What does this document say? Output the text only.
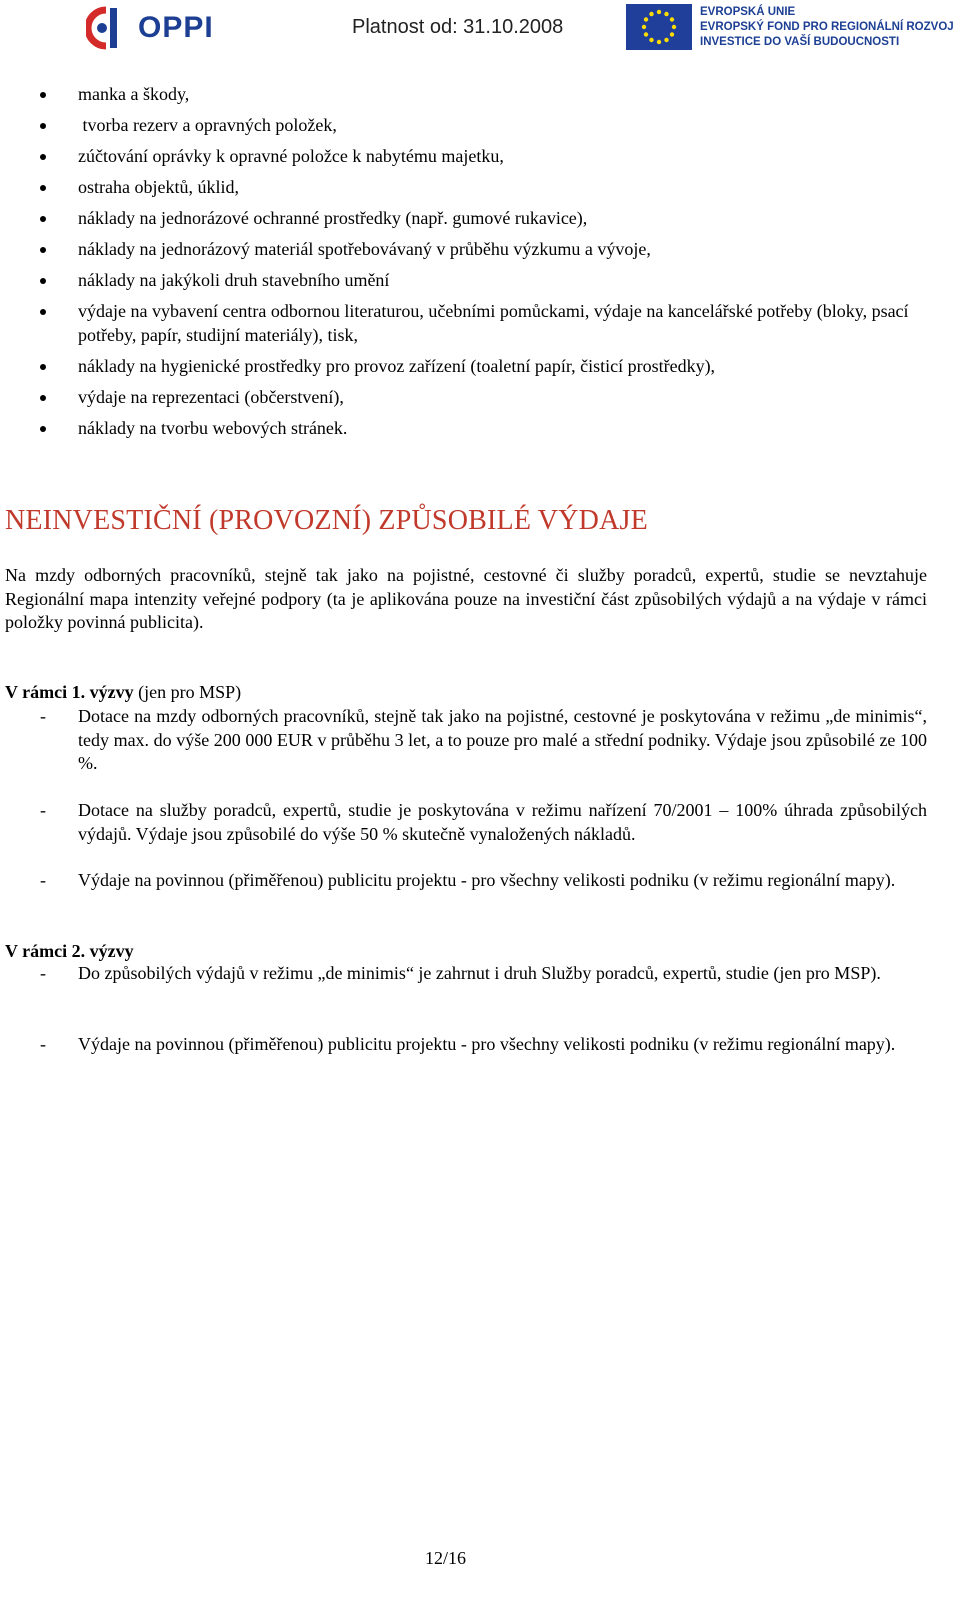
OPPI	Platnost od: 31.10.2008
EVROPSKÁ UNIE
EVROPSKÝ FOND PRO REGIONÁLNÍ ROZVOJ
INVESTICE DO VAŠÍ BUDOUCNOSTI
manka a škody,
tvorba rezerv a opravných položek,
zúčtování oprávky k opravné položce k nabytému majetku,
ostraha objektů, úklid,
náklady na jednorázové ochranné prostředky (např. gumové rukavice),
náklady na jednorázový materiál spotřebovávaný v průběhu výzkumu a vývoje,
náklady na jakýkoli druh stavebního umění
výdaje na vybavení centra odbornou literaturou, učebními pomůckami, výdaje na kancelářské potřeby (bloky, psací potřeby, papír, studijní materiály), tisk,
náklady na hygienické prostředky pro provoz zařízení (toaletní papír, čisticí prostředky),
výdaje na reprezentaci (občerstvení),
náklady na tvorbu webových stránek.
NEINVESTIČNÍ (PROVOZNÍ) ZPŮSOBILÉ VÝDAJE
Na mzdy odborných pracovníků, stejně tak jako na pojistné, cestovné či služby poradců, expertů, studie se nevztahuje Regionální mapa intenzity veřejné podpory (ta je aplikována pouze na investiční část způsobilých výdajů a na výdaje v rámci položky povinná publicita).
V rámci 1. výzvy (jen pro MSP)
- Dotace na mzdy odborných pracovníků, stejně tak jako na pojistné, cestovné je poskytována v režimu „de minimis“, tedy max. do výše 200 000 EUR v průběhu 3 let, a to pouze pro malé a střední podniky. Výdaje jsou způsobilé ze 100 %.
- Dotace na služby poradců, expertů, studie je poskytována v režimu nařízení 70/2001 – 100% úhrada způsobilých výdajů. Výdaje jsou způsobilé do výše 50 % skutečně vynaložených nákladů.
- Výdaje na povinnou (přiměřenou) publicitu projektu - pro všechny velikosti podniku (v režimu regionální mapy).
V rámci 2. výzvy
- Do způsobilých výdajů v režimu „de minimis“ je zahrnut i druh Služby poradců, expertů, studie (jen pro MSP).
- Výdaje na povinnou (přiměřenou) publicitu projektu - pro všechny velikosti podniku (v režimu regionální mapy).
12/16
